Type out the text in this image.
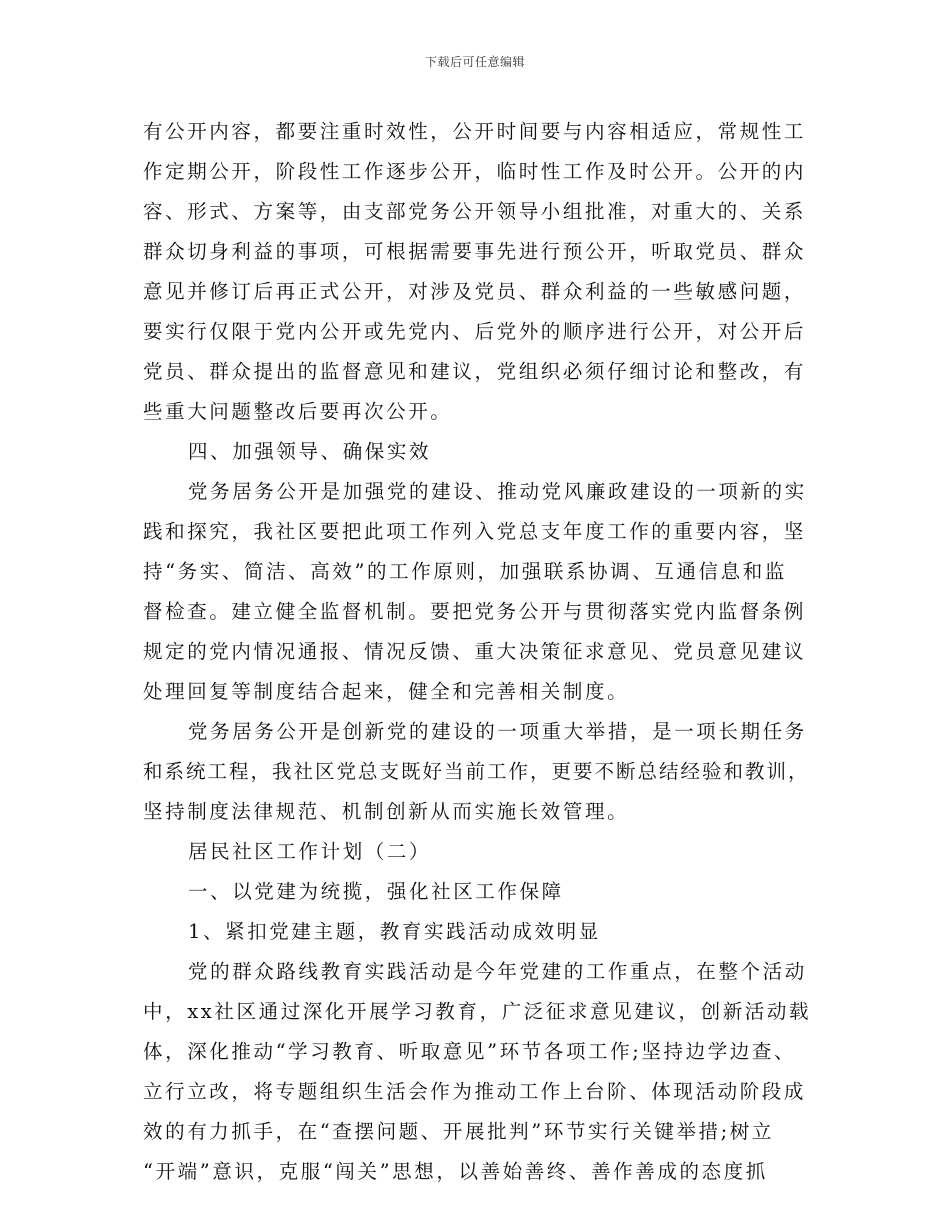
下载后可任意编辑
有公开内容，都要注重时效性，公开时间要与内容相适应，常规性工
作定期公开，阶段性工作逐步公开，临时性工作及时公开。公开的内
容、形式、方案等，由支部党务公开领导小组批准，对重大的、关系
群众切身利益的事项，可根据需要事先进行预公开，听取党员、群众
意见并修订后再正式公开，对涉及党员、群众利益的一些敏感问题，
要实行仅限于党内公开或先党内、后党外的顺序进行公开，对公开后
党员、群众提出的监督意见和建议，党组织必须仔细讨论和整改，有
些重大问题整改后要再次公开。
四、加强领导、确保实效
党务居务公开是加强党的建设、推动党风廉政建设的一项新的实
践和探究，我社区要把此项工作列入党总支年度工作的重要内容，坚
持“务实、简洁、高效”的工作原则，加强联系协调、互通信息和监
督检查。建立健全监督机制。要把党务公开与贯彻落实党内监督条例
规定的党内情况通报、情况反馈、重大决策征求意见、党员意见建议
处理回复等制度结合起来，健全和完善相关制度。
党务居务公开是创新党的建设的一项重大举措，是一项长期任务
和系统工程，我社区党总支既好当前工作，更要不断总结经验和教训，
坚持制度法律规范、机制创新从而实施长效管理。
居民社区工作计划（二）
一、以党建为统揽，强化社区工作保障
1、紧扣党建主题，教育实践活动成效明显
党的群众路线教育实践活动是今年党建的工作重点，在整个活动
中，xx社区通过深化开展学习教育，广泛征求意见建议，创新活动载
体，深化推动“学习教育、听取意见”环节各项工作;坚持边学边查、
立行立改，将专题组织生活会作为推动工作上台阶、体现活动阶段成
效的有力抓手，在“查摆问题、开展批判”环节实行关键举措;树立
“开端”意识，克服“闯关”思想，以善始善终、善作善成的态度抓
